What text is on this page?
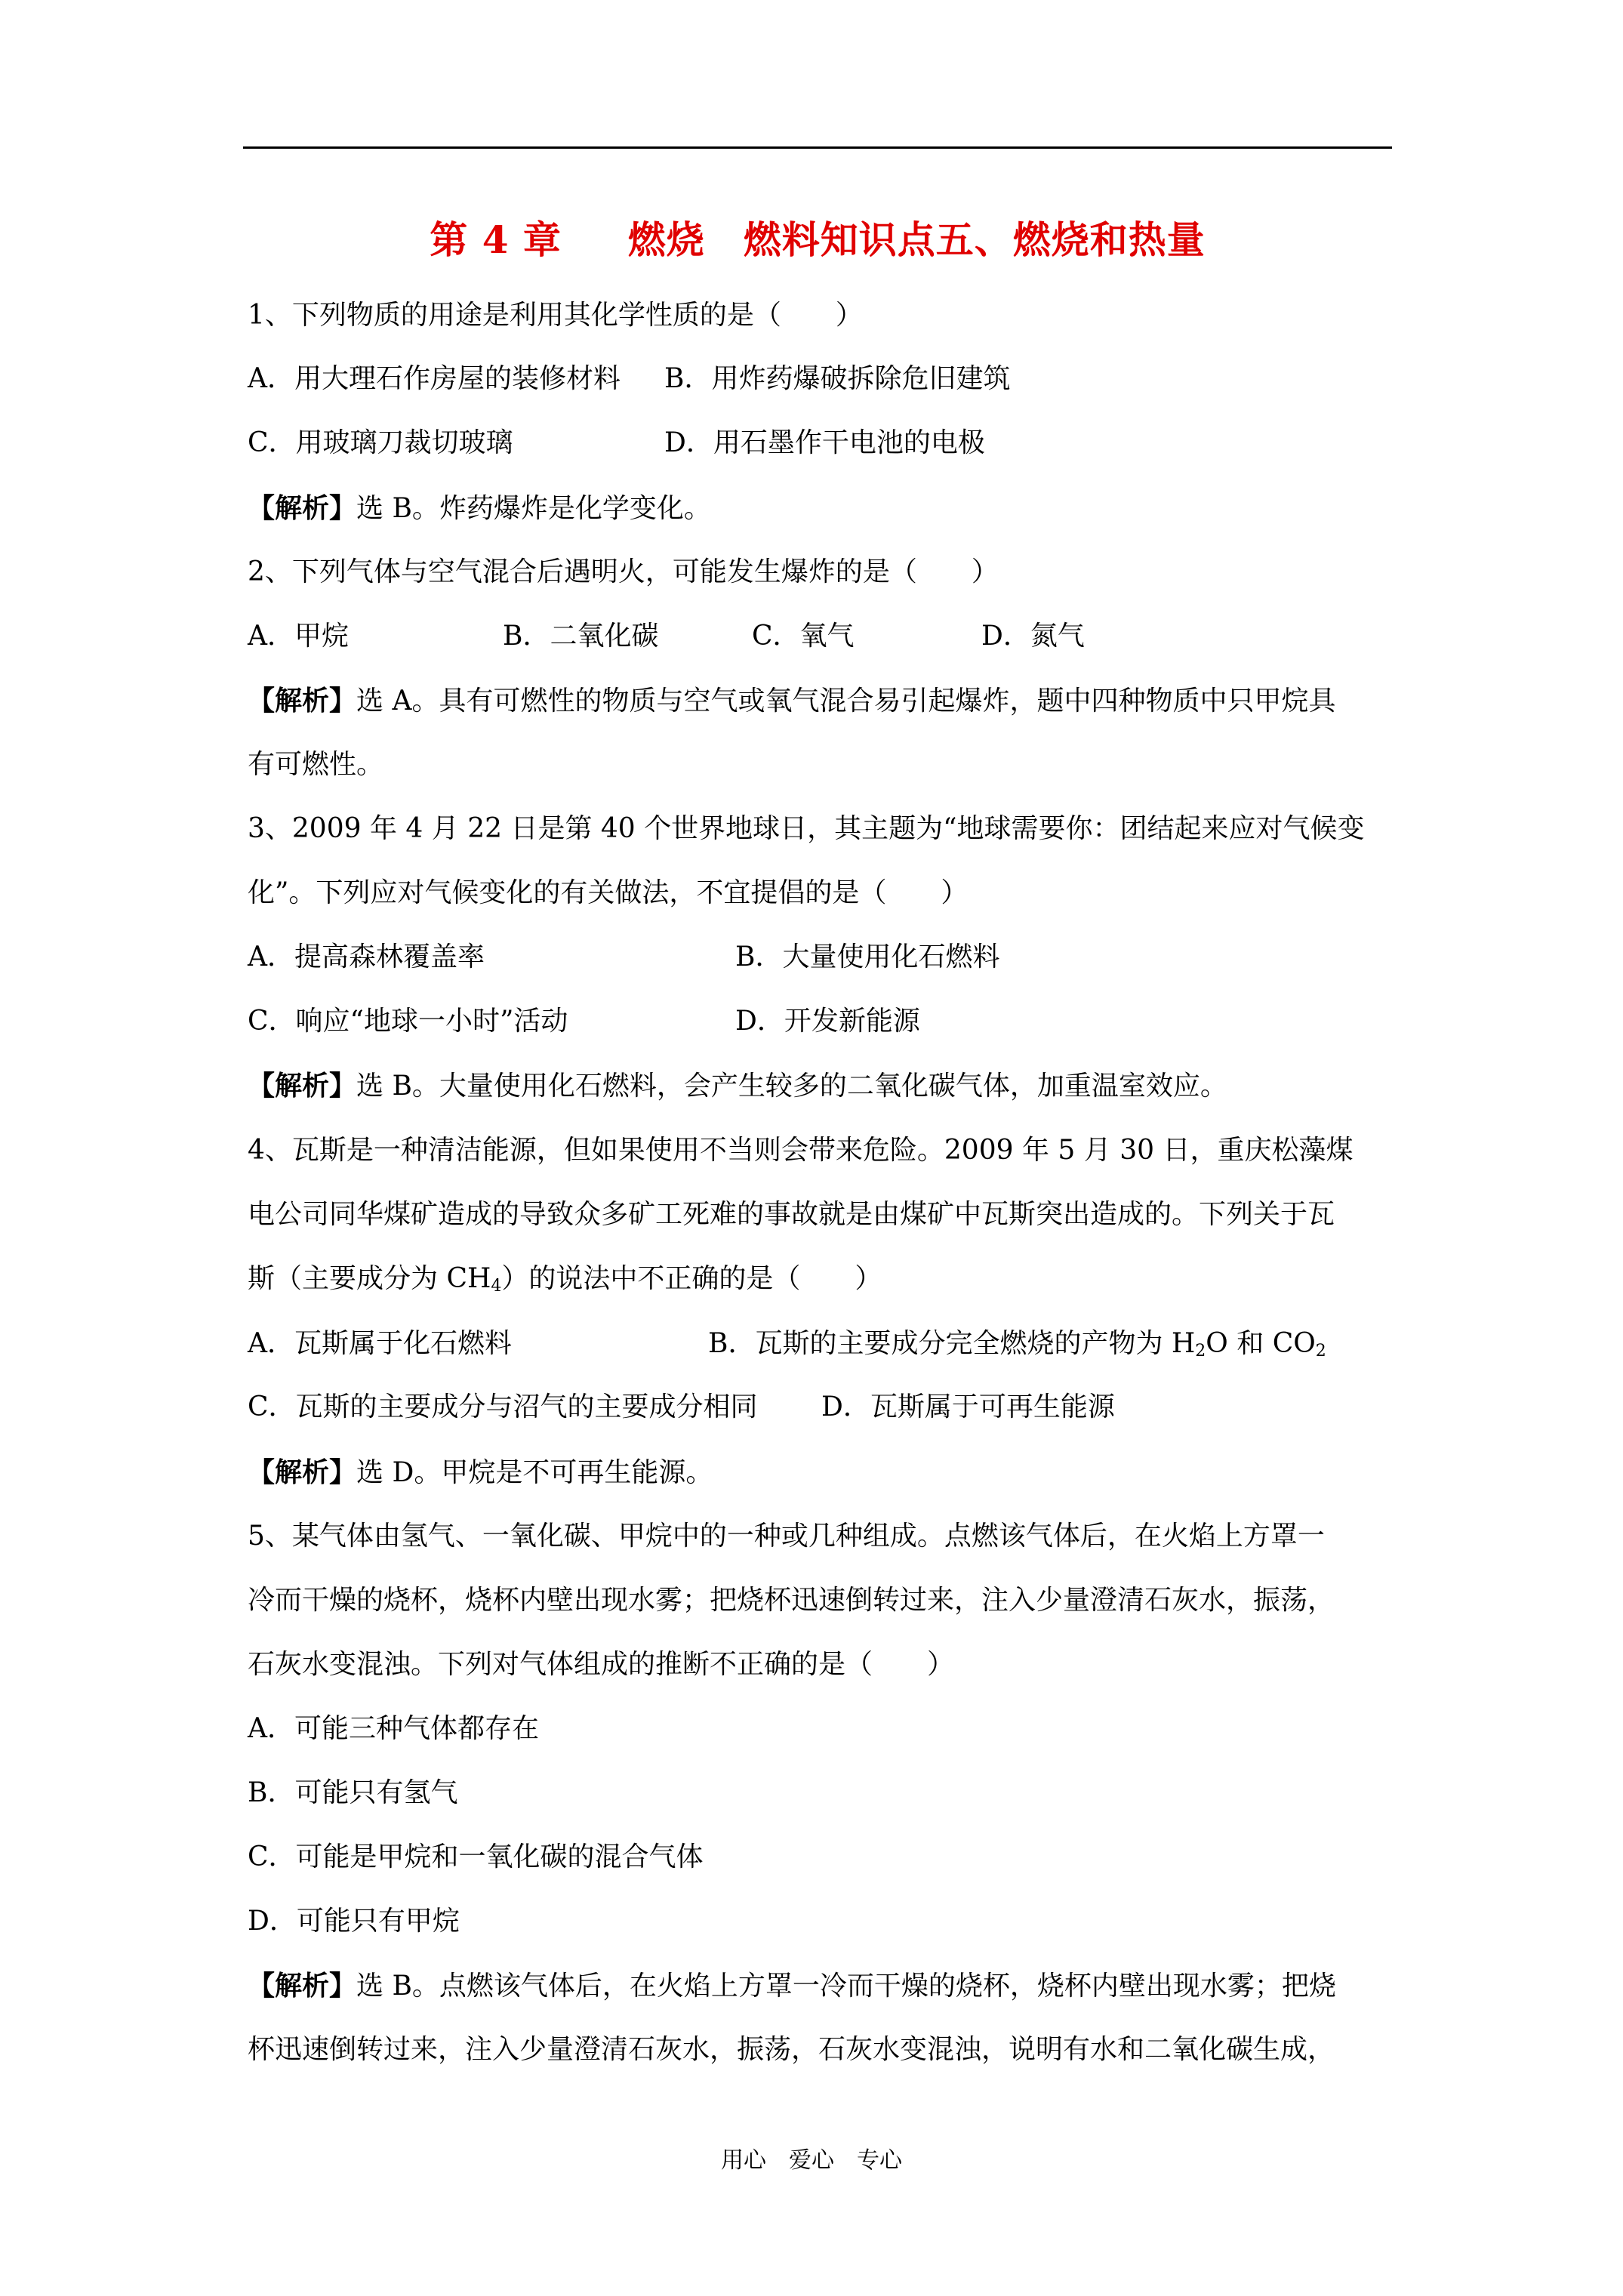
第 4 章　  燃烧　燃料知识点五、燃烧和热量
1、下列物质的用途是利用其化学性质的是（　　）
A．用大理石作房屋的装修材料 B．用炸药爆破拆除危旧建筑
C．用玻璃刀裁切玻璃	D．用石墨作干电池的电极
【解析】选 B。炸药爆炸是化学变化。
2、下列气体与空气混合后遇明火，可能发生爆炸的是（　　）
A．甲烷	B．二氧化碳	C．氧气	D．氮气
【解析】选 A。具有可燃性的物质与空气或氧气混合易引起爆炸，题中四种物质中只甲烷具
有可燃性。
3、2009 年 4 月 22 日是第 40 个世界地球日，其主题为“地球需要你：团结起来应对气候变
化”。下列应对气候变化的有关做法，不宜提倡的是（　　）
A．提高森林覆盖率	B．大量使用化石燃料
C．响应“地球一小时”活动	D．开发新能源
【解析】选 B。大量使用化石燃料，会产生较多的二氧化碳气体，加重温室效应。
4、瓦斯是一种清洁能源，但如果使用不当则会带来危险。2009 年 5 月 30 日，重庆松藻煤
电公司同华煤矿造成的导致众多矿工死难的事故就是由煤矿中瓦斯突出造成的。下列关于瓦
斯（主要成分为 $CH_4$）的说法中不正确的是（　　）
A．瓦斯属于化石燃料	B．瓦斯的主要成分完全燃烧的产物为 $H_2O$ 和 $CO_2$
C．瓦斯的主要成分与沼气的主要成分相同 D．瓦斯属于可再生能源
【解析】选 D。甲烷是不可再生能源。
5、某气体由氢气、一氧化碳、甲烷中的一种或几种组成。点燃该气体后，在火焰上方罩一
冷而干燥的烧杯，烧杯内壁出现水雾；把烧杯迅速倒转过来，注入少量澄清石灰水，振荡，
石灰水变混浊。下列对气体组成的推断不正确的是（　　）
A．可能三种气体都存在
B．可能只有氢气
C．可能是甲烷和一氧化碳的混合气体
D．可能只有甲烷
【解析】选 B。点燃该气体后，在火焰上方罩一冷而干燥的烧杯，烧杯内壁出现水雾；把烧
杯迅速倒转过来，注入少量澄清石灰水，振荡，石灰水变混浊，说明有水和二氧化碳生成，
用心　爱心　专心
